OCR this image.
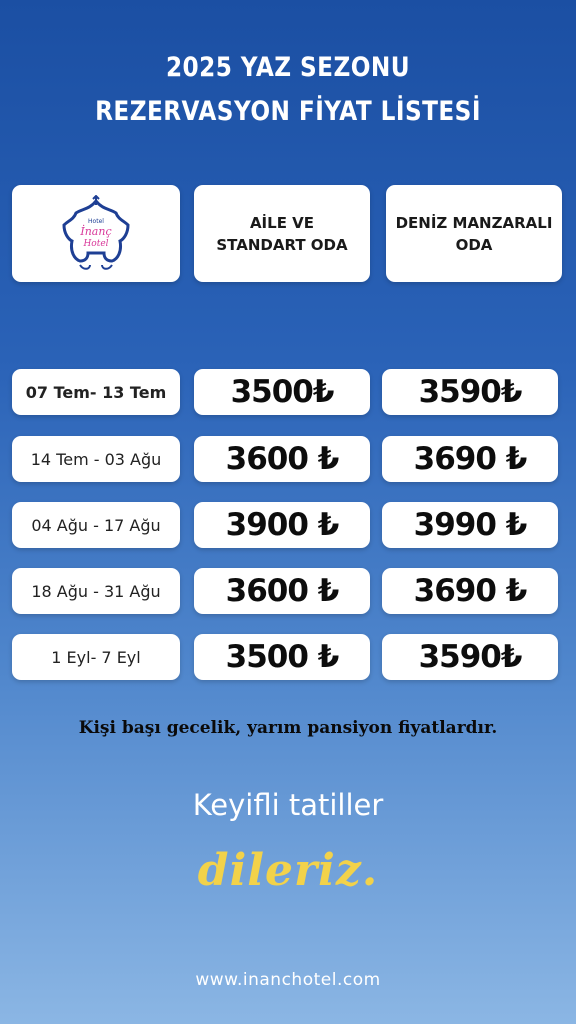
2025 YAZ SEZONU
REZERVASYON FİYAT LİSTESİ
Hotel
İnanç
Hotel
AİLE VE
STANDART ODA
DENİZ MANZARALI
ODA
07 Tem- 13 Tem 3500₺	3590₺
14 Tem - 03 Ağu 3600 ₺ 3690 ₺
04 Ağu - 17 Ağu 3900 ₺ 3990 ₺
18 Ağu - 31 Ağu 3600 ₺ 3690 ₺
1 Eyl- 7 Eyl	3500 ₺	3590₺
Kişi başı gecelik, yarım pansiyon fiyatlardır.
Keyifli tatiller
dileriz.
www.inanchotel.com
